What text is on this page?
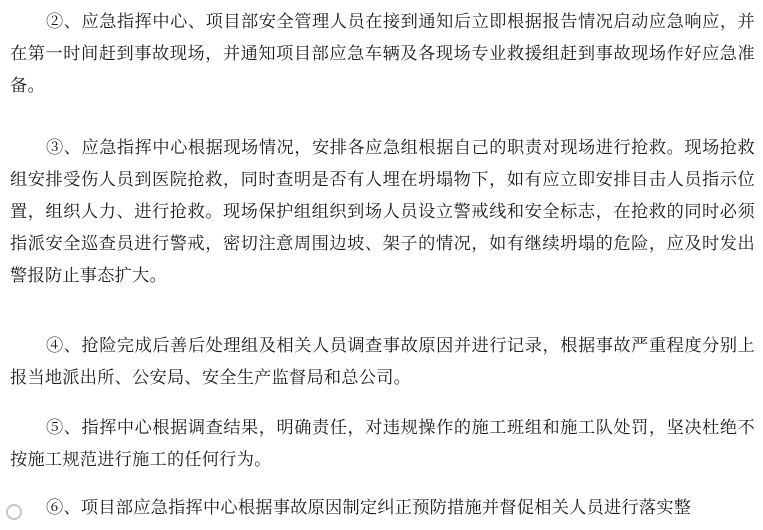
②、应急指挥中心、项目部安全管理人员在接到通知后立即根据报告情况启动应急响应，并在第一时间赶到事故现场，并通知项目部应急车辆及各现场专业救援组赶到事故现场作好应急准备。

③、应急指挥中心根据现场情况，安排各应急组根据自己的职责对现场进行抢救。现场抢救组安排受伤人员到医院抢救，同时查明是否有人埋在坍塌物下，如有应立即安排目击人员指示位置，组织人力、进行抢救。现场保护组组织到场人员设立警戒线和安全标志，在抢救的同时必须指派安全巡查员进行警戒，密切注意周围边坡、架子的情况，如有继续坍塌的危险，应及时发出警报防止事态扩大。

④、抢险完成后善后处理组及相关人员调查事故原因并进行记录，根据事故严重程度分别上报当地派出所、公安局、安全生产监督局和总公司。

⑤、指挥中心根据调查结果，明确责任，对违规操作的施工班组和施工队处罚，坚决杜绝不按施工规范进行施工的任何行为。

⑥、项目部应急指挥中心根据事故原因制定纠正预防措施并督促相关人员进行落实整
